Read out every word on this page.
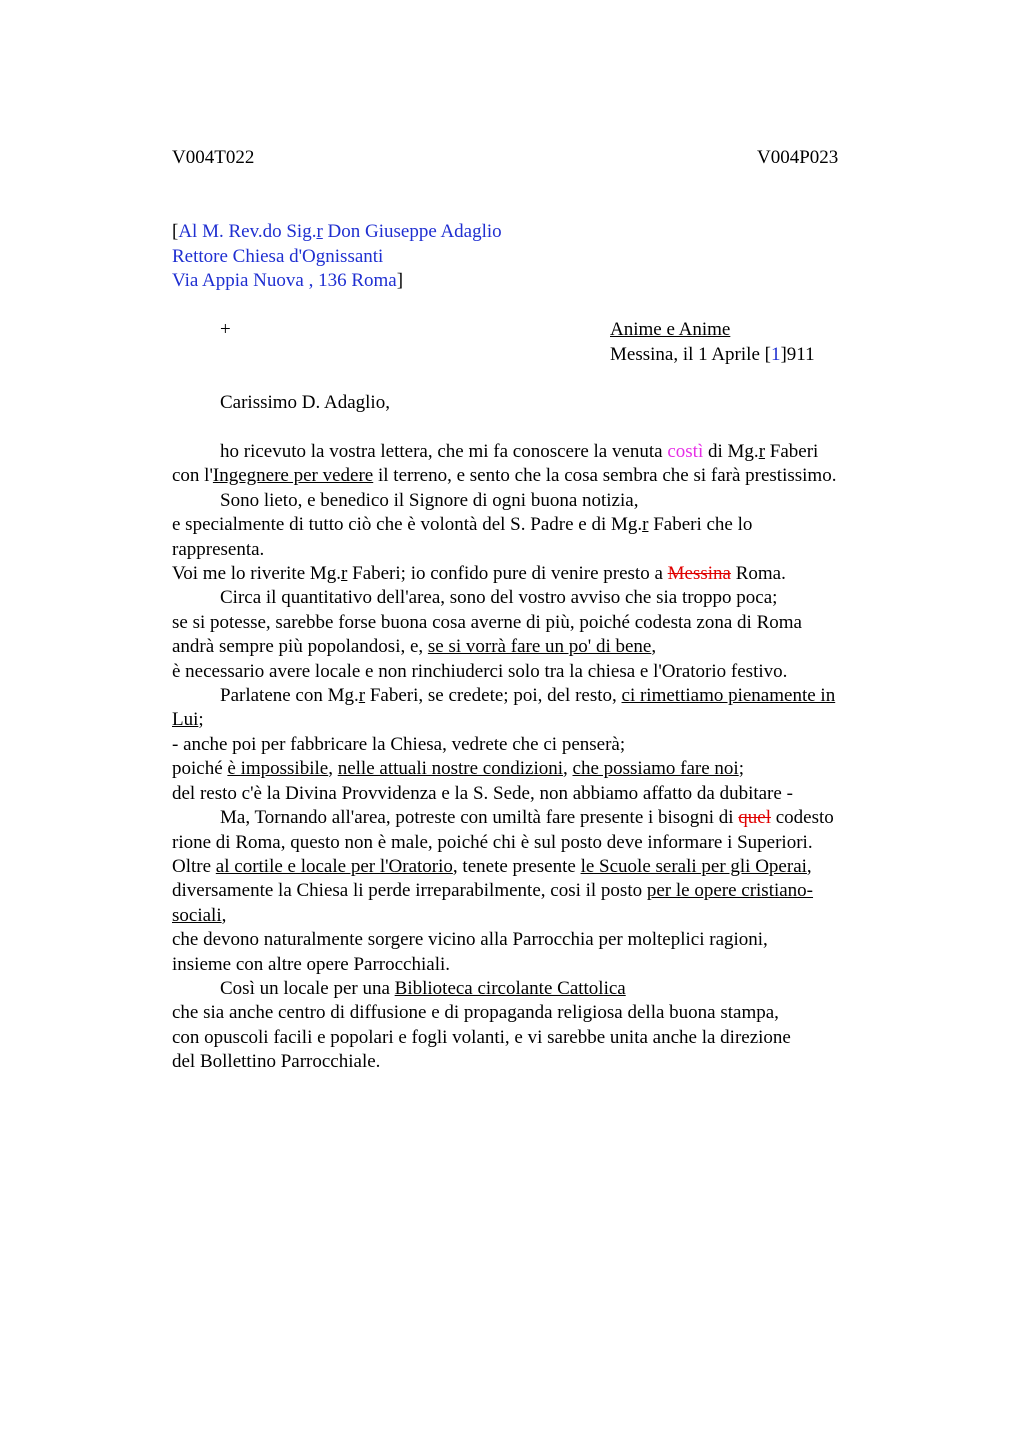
V004T022	V004P023
[Al M. Rev.do Sig.r Don Giuseppe Adaglio
Rettore Chiesa d'Ognissanti
Via Appia Nuova , 136 Roma]
+	Anime e Anime
Messina, il 1 Aprile [1]911
Carissimo D. Adaglio,
ho ricevuto la vostra lettera, che mi fa conoscere la venuta costì di Mg.r Faberi
con l'Ingegnere per vedere il terreno, e sento che la cosa sembra che si farà prestissimo.
Sono lieto, e benedico il Signore di ogni buona notizia,
e specialmente di tutto ciò che è volontà del S. Padre e di Mg.r Faberi che lo
rappresenta.
Voi me lo riverite Mg.r Faberi; io confido pure di venire presto a Messina Roma.
Circa il quantitativo dell'area, sono del vostro avviso che sia troppo poca;
se si potesse, sarebbe forse buona cosa averne di più, poiché codesta zona di Roma
andrà sempre più popolandosi, e, se si vorrà fare un po' di bene,
è necessario avere locale e non rinchiuderci solo tra la chiesa e l'Oratorio festivo.
Parlatene con Mg.r Faberi, se credete; poi, del resto, ci rimettiamo pienamente in
Lui;
- anche poi per fabbricare la Chiesa, vedrete che ci penserà;
poiché è impossibile, nelle attuali nostre condizioni, che possiamo fare noi;
del resto c'è la Divina Provvidenza e la S. Sede, non abbiamo affatto da dubitare -
Ma, Tornando all'area, potreste con umiltà fare presente i bisogni di quel codesto
rione di Roma, questo non è male, poiché chi è sul posto deve informare i Superiori.
Oltre al cortile e locale per l'Oratorio, tenete presente le Scuole serali per gli Operai,
diversamente la Chiesa li perde irreparabilmente, cosi il posto per le opere cristiano-
sociali,
che devono naturalmente sorgere vicino alla Parrocchia per molteplici ragioni,
insieme con altre opere Parrocchiali.
Così un locale per una Biblioteca circolante Cattolica
che sia anche centro di diffusione e di propaganda religiosa della buona stampa,
con opuscoli facili e popolari e fogli volanti, e vi sarebbe unita anche la direzione
del Bollettino Parrocchiale.
